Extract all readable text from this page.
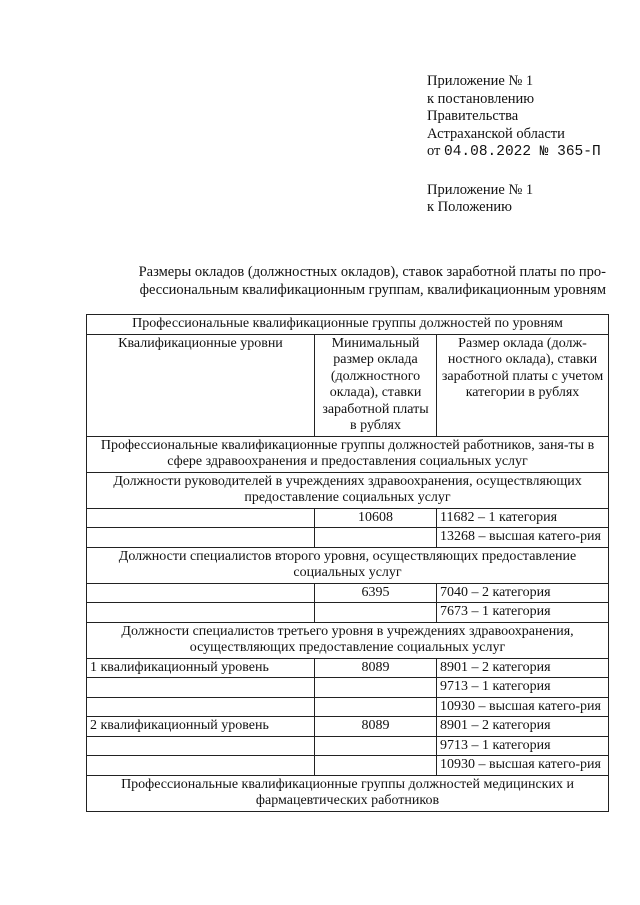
Приложение № 1
к постановлению
Правительства
Астраханской области
от 04.08.2022 № 365-П
Приложение № 1
к Положению
Размеры окладов (должностных окладов), ставок заработной платы по про-
фессиональным квалификационным группам, квалификационным уровням
Профессиональные квалификационные группы должностей по уровням		
Квалификационные уровни	Минимальный размер оклада (должностного оклада), ставки заработной платы в рублях	Размер оклада (долж-ностного оклада), ставки заработной платы с учетом категории в рублях
Профессиональные квалификационные группы должностей работников, заня-ты в сфере здравоохранения и предоставления социальных услуг		
Должности руководителей в учреждениях здравоохранения, осуществляющих предоставление социальных услуг		
	10608	11682 – 1 категория
		13268 – высшая катего-рия
Должности специалистов второго уровня, осуществляющих предоставление социальных услуг		
	6395	7040 – 2 категория
		7673 – 1 категория
Должности специалистов третьего уровня в учреждениях здравоохранения, осуществляющих предоставление социальных услуг		
1 квалификационный уровень	8089	8901 – 2 категория
		9713 – 1 категория
		10930 – высшая катего-рия
2 квалификационный уровень	8089	8901 – 2 категория
		9713 – 1 категория
		10930 – высшая катего-рия
Профессиональные квалификационные группы должностей медицинских и фармацевтических работников		
